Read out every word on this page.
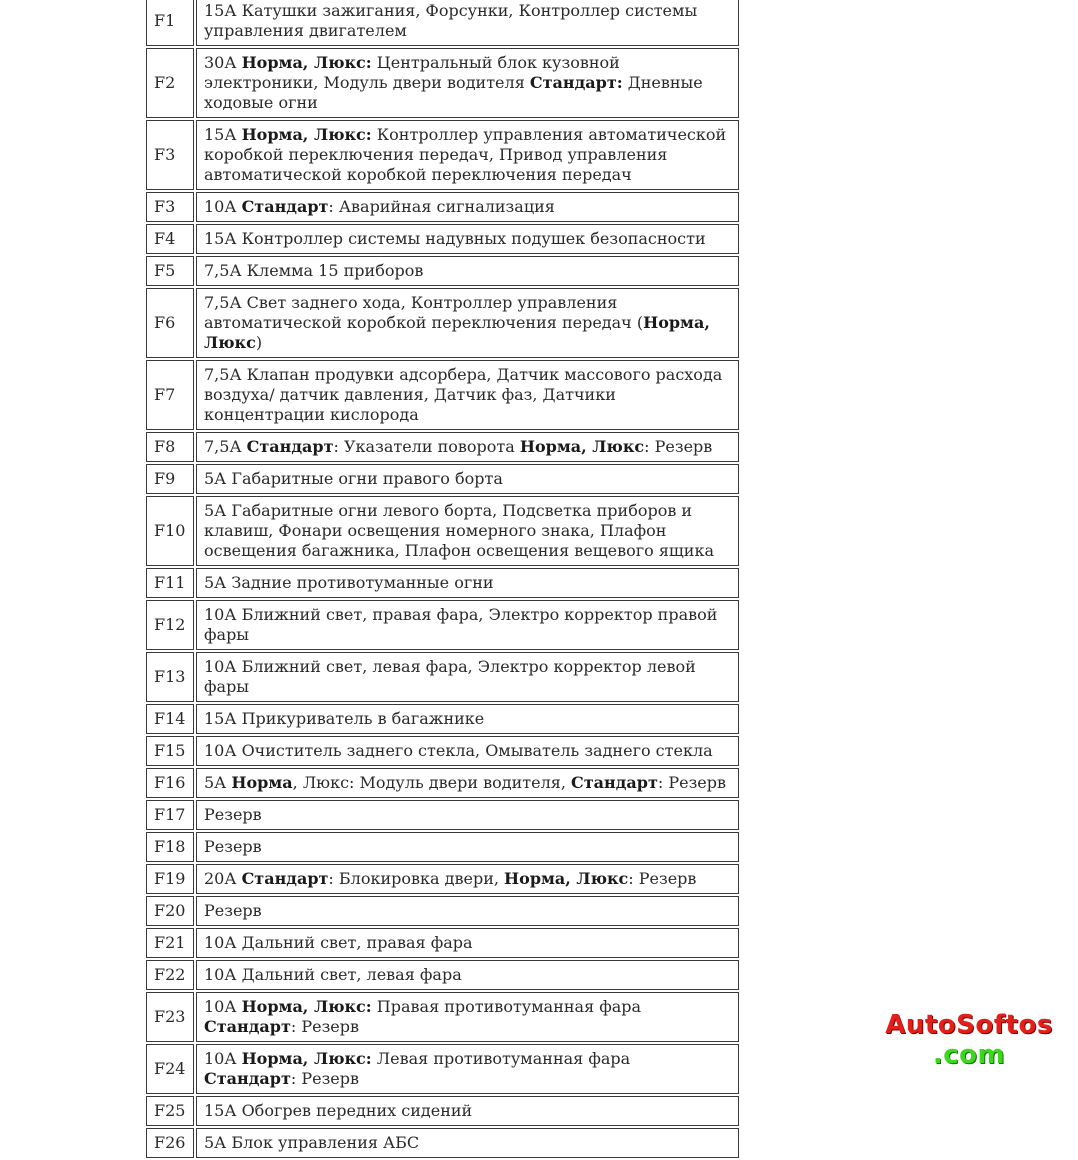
F1	15А Катушки зажигания, Форсунки, Контроллер системы управления двигателем
F2	30А Норма, Люкс: Центральный блок кузовной электроники, Модуль двери водителя Стандарт: Дневные ходовые огни
F3	15А Норма, Люкс: Контроллер управления автоматической коробкой переключения передач, Привод управления автоматической коробкой переключения передач
F3	10А Стандарт: Аварийная сигнализация
F4	15А Контроллер системы надувных подушек безопасности
F5	7,5А Клемма 15 приборов
F6	7,5А Свет заднего хода, Контроллер управления автоматической коробкой переключения передач (Норма, Люкс)
F7	7,5А Клапан продувки адсорбера, Датчик массового расхода воздуха/ датчик давления, Датчик фаз, Датчики концентрации кислорода
F8	7,5А Стандарт: Указатели поворота Норма, Люкс: Резерв
F9	5А Габаритные огни правого борта
F10	5А Габаритные огни левого борта, Подсветка приборов и клавиш, Фонари освещения номерного знака, Плафон освещения багажника, Плафон освещения вещевого ящика
F11	5А Задние противотуманные огни
F12	10А Ближний свет, правая фара, Электро корректор правой фары
F13	10А Ближний свет, левая фара, Электро корректор левой фары
F14	15А Прикуриватель в багажнике
F15	10А Очиститель заднего стекла, Омыватель заднего стекла
F16	5А Норма, Люкс: Модуль двери водителя, Стандарт: Резерв
F17	Резерв
F18	Резерв
F19	20А Стандарт: Блокировка двери, Норма, Люкс: Резерв
F20	Резерв
F21	10А Дальний свет, правая фара
F22	10А Дальний свет, левая фара
F23	10А Норма, Люкс: Правая противотуманная фара
Стандарт: Резерв
F24	10А Норма, Люкс: Левая противотуманная фара
Стандарт: Резерв
F25	15А Обогрев передних сидений
F26	5А Блок управления АБС
AutoSoftos
.com
